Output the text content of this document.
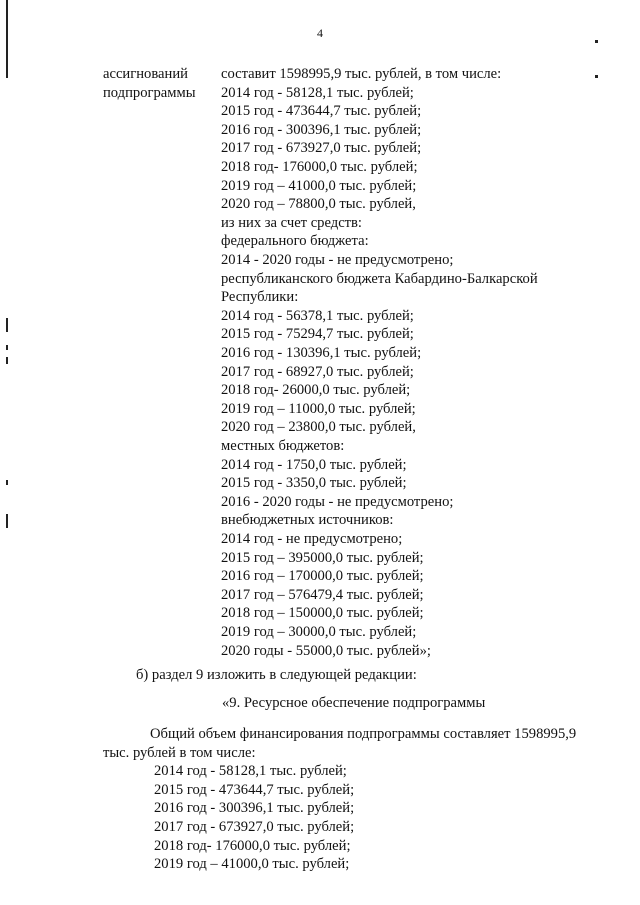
4
ассигнований
подпрограммы
составит 1598995,9 тыс. рублей, в том числе:
2014 год - 58128,1 тыс. рублей;
2015 год - 473644,7 тыс. рублей;
2016 год - 300396,1 тыс. рублей;
2017 год - 673927,0 тыс. рублей;
2018 год- 176000,0 тыс. рублей;
2019 год – 41000,0 тыс. рублей;
2020 год – 78800,0 тыс. рублей,
из них за счет средств:
федерального бюджета:
2014 - 2020 годы - не предусмотрено;
республиканского бюджета Кабардино-Балкарской
Республики:
2014 год - 56378,1 тыс. рублей;
2015 год - 75294,7 тыс. рублей;
2016 год - 130396,1 тыс. рублей;
2017 год - 68927,0 тыс. рублей;
2018 год- 26000,0 тыс. рублей;
2019 год – 11000,0 тыс. рублей;
2020 год – 23800,0 тыс. рублей,
местных бюджетов:
2014 год - 1750,0 тыс. рублей;
2015 год - 3350,0 тыс. рублей;
2016 - 2020 годы - не предусмотрено;
внебюджетных источников:
2014 год - не предусмотрено;
2015 год – 395000,0 тыс. рублей;
2016 год – 170000,0 тыс. рублей;
2017 год – 576479,4 тыс. рублей;
2018 год – 150000,0 тыс. рублей;
2019 год – 30000,0 тыс. рублей;
2020 годы - 55000,0 тыс. рублей»;
б) раздел 9 изложить в следующей редакции:
«9. Ресурсное обеспечение подпрограммы
Общий объем финансирования подпрограммы составляет 1598995,9
тыс. рублей в том числе:
2014 год - 58128,1 тыс. рублей;
2015 год - 473644,7 тыс. рублей;
2016 год - 300396,1 тыс. рублей;
2017 год - 673927,0 тыс. рублей;
2018 год- 176000,0 тыс. рублей;
2019 год – 41000,0 тыс. рублей;
